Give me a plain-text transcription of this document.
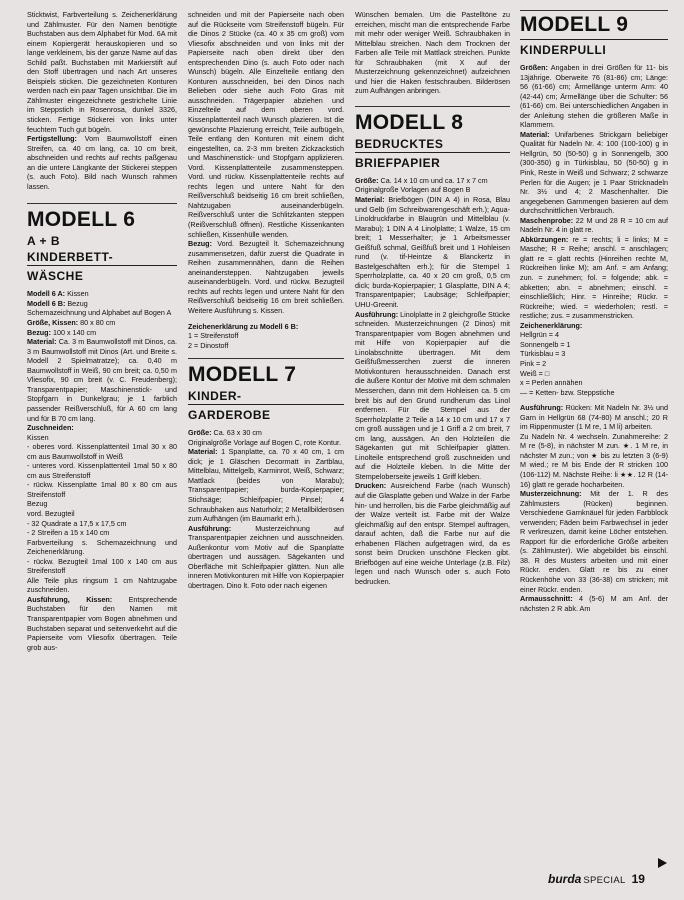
Sticktwist, Farbverteilung s. Zeichenerklärung und Zählmuster. Für den Namen benötigte Buchstaben aus dem Alphabet für Mod. 6A mit einem Kopiergerät herauskopieren und so lange verkleinern, bis der ganze Name auf das Schild paßt. Buchstaben mit Markierstift auf den Stoff übertragen und nach Art unseres Beispiels sticken. Die gezeichneten Konturen werden nach ein paar Tagen unsichtbar. Die im Zählmuster eingezeichnete gestrichelte Linie im Steppstich in Rosenrosa, dunkel 3326, sticken. Fertige Stickerei von links unter feuchtem Tuch gut bügeln.

Fertigstellung: Vom Baumwollstoff einen Streifen, ca. 40 cm lang, ca. 10 cm breit, abschneiden und rechts auf rechts paßgenau an die untere Längkante der Stickerei steppen (s. auch Foto). Bild nach Wunsch rahmen lassen.

MODELL 6
A + B
KINDERBETT-
WÄSCHE

Modell 6 A: Kissen

Modell 6 B: Bezug

Schemazeichnung und Alphabet auf Bogen A

Größe, Kissen: 80 x 80 cm

Bezug: 100 x 140 cm

Material: Ca. 3 m Baumwollstoff mit Dinos, ca. 3 m Baumwollstoff mit Dinos (Art. und Breite s. Modell 2 Spielmatratze); ca. 0,40 m Baumwollstoff in Weiß, 90 cm breit; ca. 0,50 m Vliesofix, 90 cm breit (v. C. Freudenberg); Transparentpapier; Maschinenstick- und Stopfgarn in Dunkelgrau; je 1 farblich passender Reißverschluß, für A 60 cm lang und für B 70 cm lang.

Zuschneiden:

Kissen

- oberes vord. Kissenplattenteil 1mal 30 x 80 cm aus Baumwollstoff in Weiß

- unteres vord. Kissenplattenteil 1mal 50 x 80 cm aus Streifenstoff

- rückw. Kissenplatte 1mal 80 x 80 cm aus Streifenstoff

Bezug

vord. Bezugteil

- 32 Quadrate a 17,5 x 17,5 cm

- 2 Streifen a 15 x 140 cm

Farbverteilung s. Schemazeichnung und Zeichenerklärung.

- rückw. Bezugteil 1mal 100 x 140 cm aus Streifenstoff

Alle Teile plus ringsum 1 cm Nahtzugabe zuschneiden.

Ausführung, Kissen: Entsprechende Buchstaben für den Namen mit Transparentpapier vom Bogen abnehmen und Buchstaben separat und seitenverkehrt auf die Papierseite vom Vliesofix übertragen. Teile grob aus-

schneiden und mit der Papierseite nach oben auf die Rückseite vom Streifenstoff bügeln. Für die Dinos 2 Stücke (ca. 40 x 35 cm groß) vom Vliesofix abschneiden und von links mit der Papierseite nach oben direkt über den entsprechenden Dino (s. auch Foto oder nach Wunsch) bügeln. Alle Einzelteile entlang den Konturen ausschneiden, bei den Dinos nach Belieben oder siehe auch Foto Gras mit ausschneiden. Trägerpapier abziehen und Einzelteile auf dem oberen vord. Kissenplattenteil nach Wunsch plazieren. Ist die gewünschte Plazierung erreicht, Teile aufbügeln, Teile entlang den Konturen mit einem dicht eingestellten, ca. 2-3 mm breiten Zickzackstich und Maschinenstick- und Stopfgarn applizieren. Vord. Kissenplattenteile zusammensteppen. Vord. und rückw. Kissenplattenteile rechts auf rechts legen und untere Naht für den Reißverschluß beidseitig 16 cm breit schließen, Nahtzugaben auseinanderbügeln. Reißverschluß unter die Schlitzkanten steppen (Reißverschluß öffnen). Restliche Kissenkanten schließen, Kissenhülle wenden.

Bezug: Vord. Bezugteil lt. Schemazeichnung zusammensetzen, dafür zuerst die Quadrate in Reihen zusammennähen, dann die Reihen aneinandersteppen. Nahtzugaben jeweils auseinanderbügeln. Vord. und rückw. Bezugteil rechts auf rechts legen und untere Naht für den Reißverschluß beidseitig 16 cm breit schließen. Weitere Ausführung s. Kissen.

Zeichenerklärung zu Modell 6 B:

1 = Streifenstoff

2 = Dinostoff

MODELL 7
KINDER-
GARDEROBE

Größe: Ca. 63 x 30 cm

Originalgröße Vorlage auf Bogen C, rote Kontur.

Material: 1 Spanplatte, ca. 70 x 40 cm, 1 cm dick; je 1 Gläschen Decormatt in Zartblau, Mittelblau, Mittelgelb, Karminrot, Weiß, Schwarz; Mattlack (beides von Marabu); Transparentpapier; burda-Kopierpapier; Stichsäge; Schleifpapier; Pinsel; 4 Schraubhaken aus Naturholz; 2 Metallbilderösen zum Aufhängen (im Baumarkt erh.).

Ausführung: Musterzeichnung auf Transparentpapier zeichnen und ausschneiden. Außenkontur vom Motiv auf die Spanplatte übertragen und aussägen. Sägekanten und Oberfläche mit Schleifpapier glätten. Nun alle inneren Motivkonturen mit Hilfe von Kopierpapier übertragen. Dino lt. Foto oder nach eigenen

Wünschen bemalen. Um die Pastelltöne zu erreichen, mischt man die entsprechende Farbe mit mehr oder weniger Weiß. Schraubhaken in Mittelblau streichen. Nach dem Trocknen der Farben alle Teile mit Mattlack streichen. Punkte für Schraubhaken (mit X auf der Musterzeichnung gekennzeichnet) aufzeichnen und hier die Haken festschrauben. Bilderösen zum Aufhängen anbringen.

MODELL 8
BEDRUCKTES
BRIEFPAPIER

Größe: Ca. 14 x 10 cm und ca. 17 x 7 cm

Originalgroße Vorlagen auf Bogen B

Material: Briefbögen (DIN A 4) in Rosa, Blau und Gelb (im Schreibwarengeschäft erh.); Aqua-Linoldruckfarbe in Blaugrün und Mittelblau (v. Marabu); 1 DIN A 4 Linolplatte; 1 Walze, 15 cm breit; 1 Messerhalter; je 1 Arbeitsmesser Geißfuß schmal, Geißfuß breit und 1 Hohleisen rund (v. tif-Heintze & Blanckertz in Bastelgeschäften erh.); für die Stempel 1 Sperrholzplatte, ca. 40 x 20 cm groß, 0,5 cm dick; burda-Kopierpapier; 1 Glasplatte, DIN A 4; Transparentpapier; Laubsäge; Schleifpapier; UHU-Greenit.

Ausführung: Linolplatte in 2 gleichgroße Stücke schneiden. Musterzeichnungen (2 Dinos) mit Transparentpapier vom Bogen abnehmen und mit Hilfe von Kopierpapier auf die Linolabschnitte übertragen. Mit dem Geißfußmesserchen zuerst die inneren Motivkonturen herausschneiden. Danach erst die äußere Kontur der Motive mit dem schmalen Messerchen, dann mit dem Hohleisen ca. 5 cm breit bis auf den Grund rundherum das Linol entfernen. Für die Stempel aus der Sperrholzplatte 2 Teile a 14 x 10 cm und 17 x 7 cm groß aussägen und je 1 Griff a 2 cm breit, 7 cm lang, aussägen. An den Holzteilen die Sägekanten gut mit Schleifpapier glätten. Linolteile entsprechend groß zuschneiden und auf die Holzteile kleben. In die Mitte der Stempeloberseite jeweils 1 Griff kleben.

Drucken: Ausreichend Farbe (nach Wunsch) auf die Glasplatte geben und Walze in der Farbe hin- und herrollen, bis die Farbe gleichmäßig auf der Walze verteilt ist. Farbe mit der Walze gleichmäßig auf den entspr. Stempel auftragen, darauf achten, daß die Farbe nur auf die erhabenen Flächen aufgetragen wird, da es sonst beim Drucken unschöne Flecken gibt. Briefbögen auf eine weiche Unterlage (z.B. Filz) legen und nach Wunsch oder s. auch Foto bedrucken.

MODELL 9
KINDERPULLI

Größen: Angaben in drei Größen für 11- bis 13jährige. Oberweite 76 (81-86) cm; Länge: 56 (61-66) cm; Ärmellänge unterm Arm: 40 (42-44) cm; Ärmellänge über die Schulter: 56 (61-66) cm. Bei unterschiedlichen Angaben in der Anleitung stehen die größeren Maße in Klammern.

Material: Unifarbenes Strickgarn beliebiger Qualität für Nadeln Nr. 4: 100 (100-100) g in Hellgrün, 50 (50-50) g in Sonnengelb, 300 (300-350) g in Türkisblau, 50 (50-50) g in Pink, Reste in Weiß und Schwarz; 2 schwarze Perlen für die Augen; je 1 Paar Stricknadeln Nr. 3½ und 4; 2 Maschenhalter. Die angegebenen Garnmengen basieren auf dem durchschnittlichen Verbrauch.

Maschenprobe: 22 M und 28 R = 10 cm auf Nadeln Nr. 4 in glatt re.

Abkürzungen: re = rechts; li = links; M = Masche; R = Reihe; anschl. = anschlagen; glatt re = glatt rechts (Hinreihen rechte M, Rückreihen linke M); am Anf. = am Anfang; zun. = zunehmen; fol. = folgende; abk. = abketten; abn. = abnehmen; einschl. = einschließlich; Hinr. = Hinreihe; Rückr. = Rückreihe; wied. = wiederholen; restl. = restliche; zus. = zusammenstricken.

Zeichenerklärung:

Hellgrün = 4

Sonnengelb = 1

Türkisblau = 3

Pink = 2

Weiß = □

x = Perlen annähen

— = Ketten- bzw. Steppstiche

Ausführung: Rücken: Mit Nadeln Nr. 3½ und Garn in Hellgrün 68 (74-80) M anschl.; 20 R im Rippenmuster (1 M re, 1 M li) arbeiten.

Zu Nadeln Nr. 4 wechseln. Zunahmereihe: 2 M re (5-8), in nächster M zun. ★. 1 M re, in nächster M zun.; von ★ bis zu letzten 3 (6-9) M wied.; re M bis Ende der R stricken 100 (106-112) M. Nächste Reihe: li ★★. 12 R (14-16) glatt re gerade hocharbeiten.

Musterzeichnung: Mit der 1. R des Zählmusters (Rücken) beginnen. Verschiedene Garnknäuel für jeden Farbblock verwenden; Fäden beim Farbwechsel in jeder R verkreuzen, damit keine Löcher entstehen. Rapport für die erforderliche Größe arbeiten (s. Zählmuster). Wie abgebildet bis einschl. 38. R des Musters arbeiten und mit einer Rückr. enden. Glatt re bis zu einer Rückenhöhe von 33 (36-38) cm stricken; mit einer Rückr. enden.

Armausschnitt: 4 (5-6) M am Anf. der nächsten 2 R abk. Am

burda SPECIAL 19
